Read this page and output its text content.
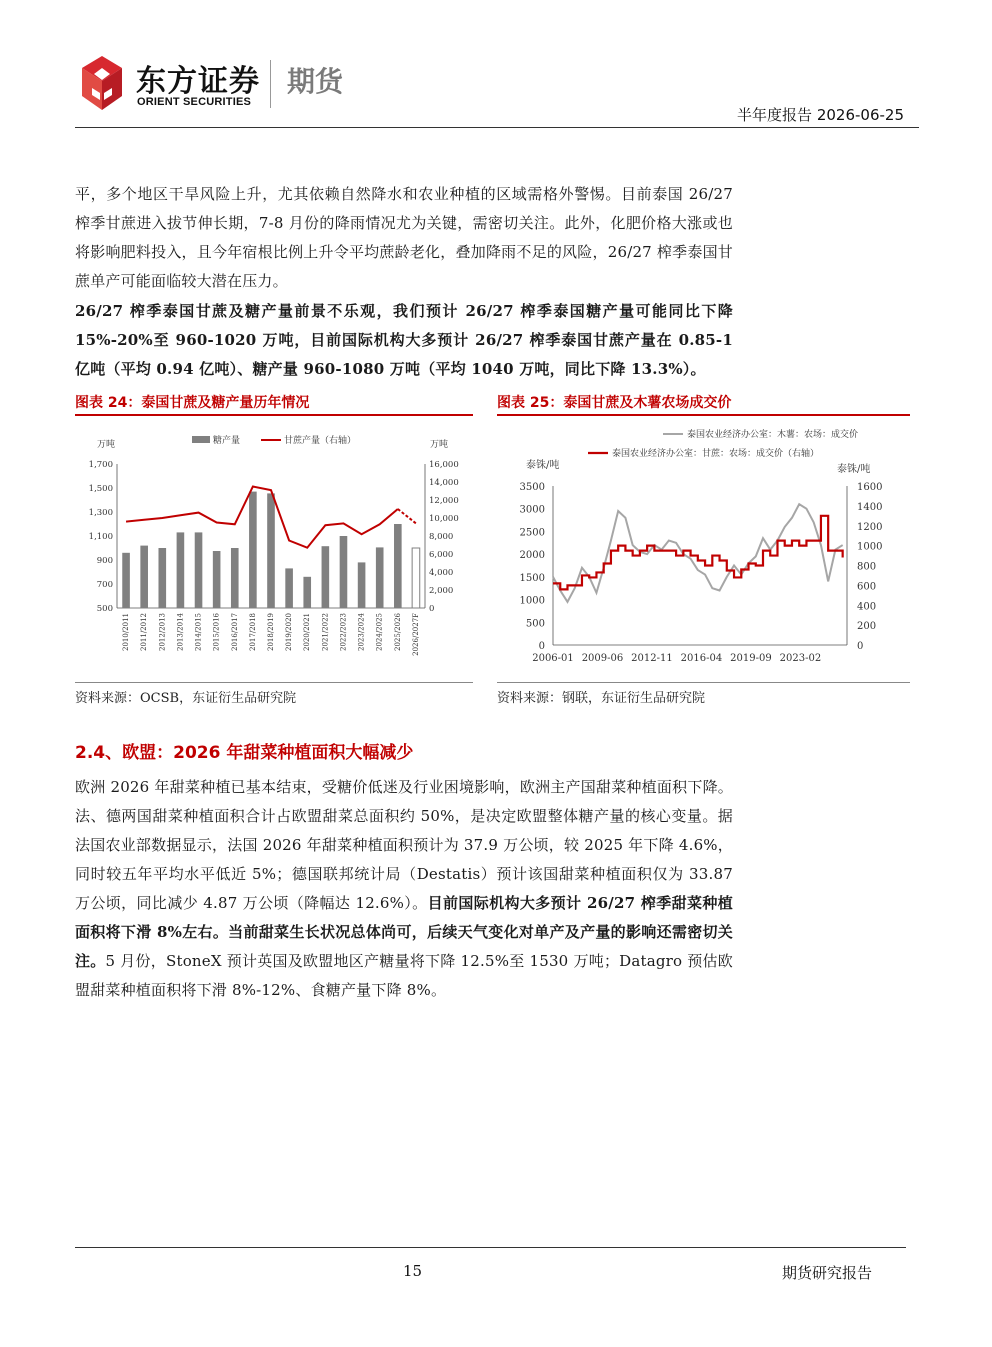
东方证券
ORIENT SECURITIES
期货
半年度报告 2026-06-25

平，多个地区干旱风险上升，尤其依赖自然降水和农业种植的区域需格外警惕。目前泰国 26/27 榨季甘蔗进入拔节伸长期，7-8 月份的降雨情况尤为关键，需密切关注。此外，化肥价格大涨或也将影响肥料投入，且今年宿根比例上升令平均蔗龄老化，叠加降雨不足的风险，26/27 榨季泰国甘蔗单产可能面临较大潜在压力。

26/27 榨季泰国甘蔗及糖产量前景不乐观，我们预计 26/27 榨季泰国糖产量可能同比下降 15%-20%至 960-1020 万吨，目前国际机构大多预计 26/27 榨季泰国甘蔗产量在 0.85-1 亿吨（平均 0.94 亿吨）、糖产量 960-1080 万吨（平均 1040 万吨，同比下降 13.3%）。

图表 24：泰国甘蔗及糖产量历年情况
糖产量	甘蔗产量（右轴）
万吨	万吨
500
700
900
1,100
1,300
1,500
1,700
0
2,000
4,000
6,000
8,000
10,000
12,000
14,000
16,000
2010/2011 2011/2012 2012/2013 2013/2014 2014/2015 2015/2016 2016/2017 2017/2018 2018/2019 2019/2020 2020/2021 2021/2022 2022/2023 2023/2024 2024/2025 2025/2026 2026/2027F
资料来源：OCSB，东证衍生品研究院
图表 25：泰国甘蔗及木薯农场成交价
泰国农业经济办公室：木薯：农场：成交价
泰国农业经济办公室：甘蔗：农场：成交价（右轴）
泰铢/吨	泰铢/吨
0
500
1000
1500
2000
2500
3000
3500
0
200
400
600
800
1000
1200
1400
1600
2006-01 2009-06 2012-11 2016-04 2019-09 2023-02
资料来源：钢联，东证衍生品研究院
2.4、欧盟：2026 年甜菜种植面积大幅减少

欧洲 2026 年甜菜种植已基本结束，受糖价低迷及行业困境影响，欧洲主产国甜菜种植面积下降。法、德两国甜菜种植面积合计占欧盟甜菜总面积约 50%，是决定欧盟整体糖产量的核心变量。据法国农业部数据显示，法国 2026 年甜菜种植面积预计为 37.9 万公顷，较 2025 年下降 4.6%，同时较五年平均水平低近 5%；德国联邦统计局（Destatis）预计该国甜菜种植面积仅为 33.87 万公顷，同比减少 4.87 万公顷（降幅达 12.6%）。目前国际机构大多预计 26/27 榨季甜菜种植面积将下滑 8%左右。当前甜菜生长状况总体尚可，后续天气变化对单产及产量的影响还需密切关注。5 月份，StoneX 预计英国及欧盟地区产糖量将下降 12.5%至 1530 万吨；Datagro 预估欧盟甜菜种植面积将下滑 8%-12%、食糖产量下降 8%。

15	期货研究报告
